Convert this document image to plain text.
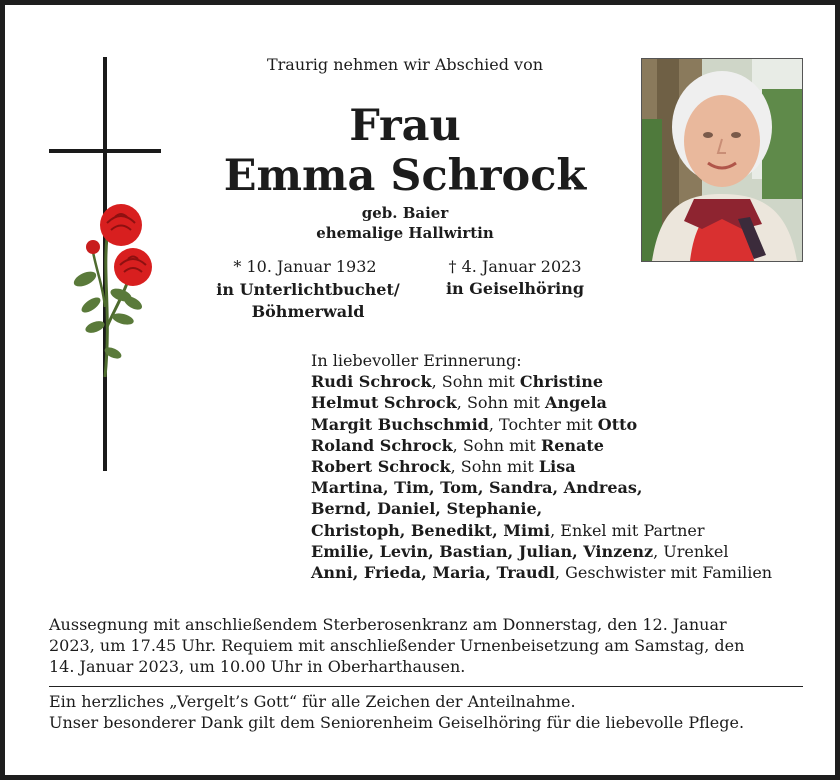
Traurig nehmen wir Abschied von
Frau
Emma Schrock
geb. Baier
ehemalige Hallwirtin
* 10. Januar 1932	† 4. Januar 2023
in Unterlichtbuchet/
Böhmerwald
in Geiselhöring
In liebevoller Erinnerung:
Rudi Schrock, Sohn mit Christine
Helmut Schrock, Sohn mit Angela
Margit Buchschmid, Tochter mit Otto
Roland Schrock, Sohn mit Renate
Robert Schrock, Sohn mit Lisa
Martina, Tim, Tom, Sandra, Andreas,
Bernd, Daniel, Stephanie,
Christoph, Benedikt, Mimi, Enkel mit Partner
Emilie, Levin, Bastian, Julian, Vinzenz, Urenkel
Anni, Frieda, Maria, Traudl, Geschwister mit Familien
Aussegnung mit anschließendem Sterberosenkranz am Donnerstag, den 12. Januar
2023, um 17.45 Uhr. Requiem mit anschließender Urnenbeisetzung am Samstag, den
14. Januar 2023, um 10.00 Uhr in Oberharthausen.
Ein herzliches „Vergelt’s Gott“ für alle Zeichen der Anteilnahme.
Unser besonderer Dank gilt dem Seniorenheim Geiselhöring für die liebevolle Pflege.
